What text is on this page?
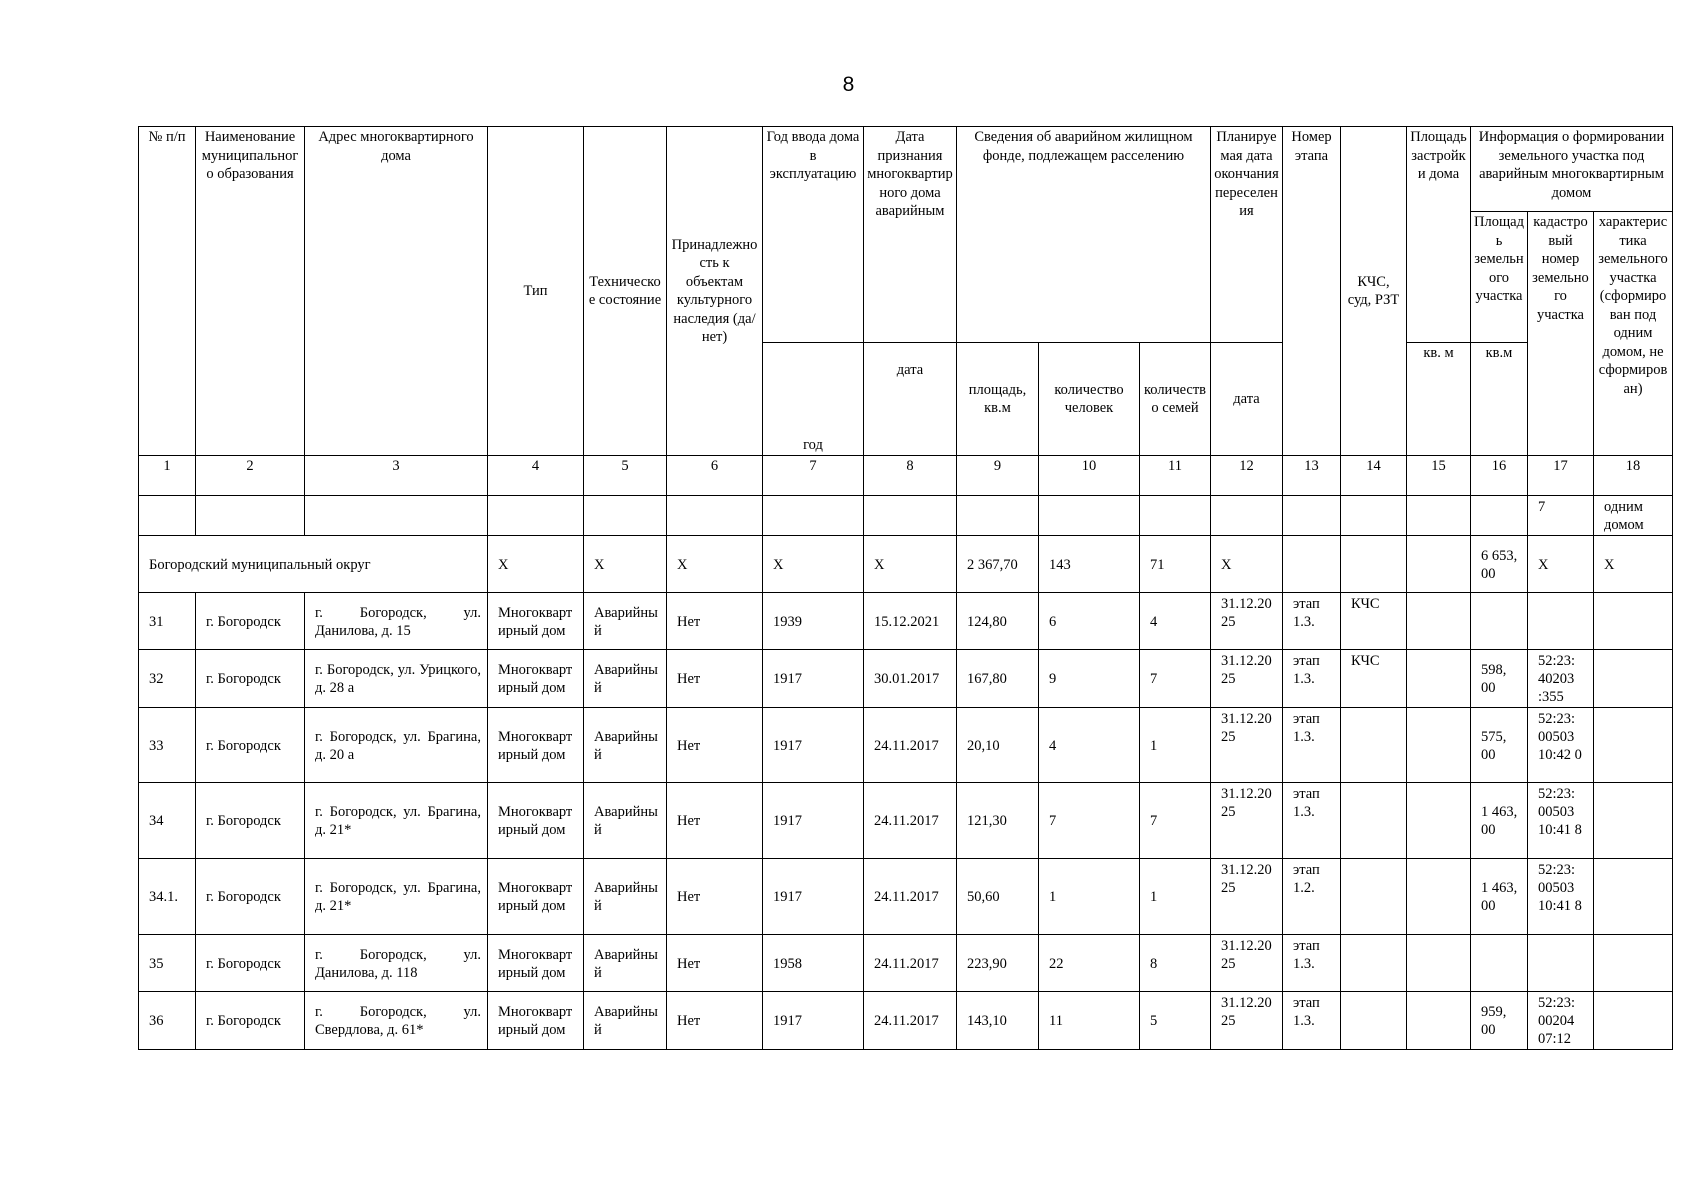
8
№ п/п	Наименование муниципального образования	Адрес многоквартирного дома	Тип	Техническое состояние	Принадлежность к объектам культурного наследия (да/нет)	Год ввода дома в эксплуатацию	Дата признания многоквартирного дома аварийным	Сведения об аварийном жилищном фонде, подлежащем расселению			Планируемая дата окончания переселения	Номер этапа	КЧС, суд, РЗТ	Площадь застройки дома	Информация о формировании земельного участка под аварийным многоквартирным домом		
															Площадь земельного участка	кадастровый номер земельного участка	характеристика земельного участка (сформирован под одним домом, не сформирован)
						год	дата	площадь, кв.м	количество человек	количество семей	дата			кв. м	кв.м		
1	2	3	4	5	6	7	8	9	10	11	12	13	14	15	16	17	18
																7	одним домом
Богородский муниципальный округ			X	X	X	X	X	2 367,70	143	71	X				6 653, 00	X	X
31	г. Богородск	г. Богородск, ул. Данилова, д. 15	Многоквартирный дом	Аварийный	Нет	1939	15.12.2021	124,80	6	4	31.12.2025	этап 1.3.	КЧС				
32	г. Богородск	г. Богородск, ул. Урицкого, д. 28 а	Многоквартирный дом	Аварийный	Нет	1917	30.01.2017	167,80	9	7	31.12.2025	этап 1.3.	КЧС		598, 00	52:23: 40203 :355	
33	г. Богородск	г. Богородск, ул. Брагина, д. 20 а	Многоквартирный дом	Аварийный	Нет	1917	24.11.2017	20,10	4	1	31.12.2025	этап 1.3.			575, 00	52:23: 00503 10:42 0	
34	г. Богородск	г. Богородск, ул. Брагина, д. 21*	Многоквартирный дом	Аварийный	Нет	1917	24.11.2017	121,30	7	7	31.12.2025	этап 1.3.			1 463, 00	52:23: 00503 10:41 8	
34.1.	г. Богородск	г. Богородск, ул. Брагина, д. 21*	Многоквартирный дом	Аварийный	Нет	1917	24.11.2017	50,60	1	1	31.12.2025	этап 1.2.			1 463, 00	52:23: 00503 10:41 8	
35	г. Богородск	г. Богородск, ул. Данилова, д. 118	Многоквартирный дом	Аварийный	Нет	1958	24.11.2017	223,90	22	8	31.12.2025	этап 1.3.					
36	г. Богородск	г. Богородск, ул. Свердлова, д. 61*	Многоквартирный дом	Аварийный	Нет	1917	24.11.2017	143,10	11	5	31.12.2025	этап 1.3.			959, 00	52:23: 00204 07:12	
